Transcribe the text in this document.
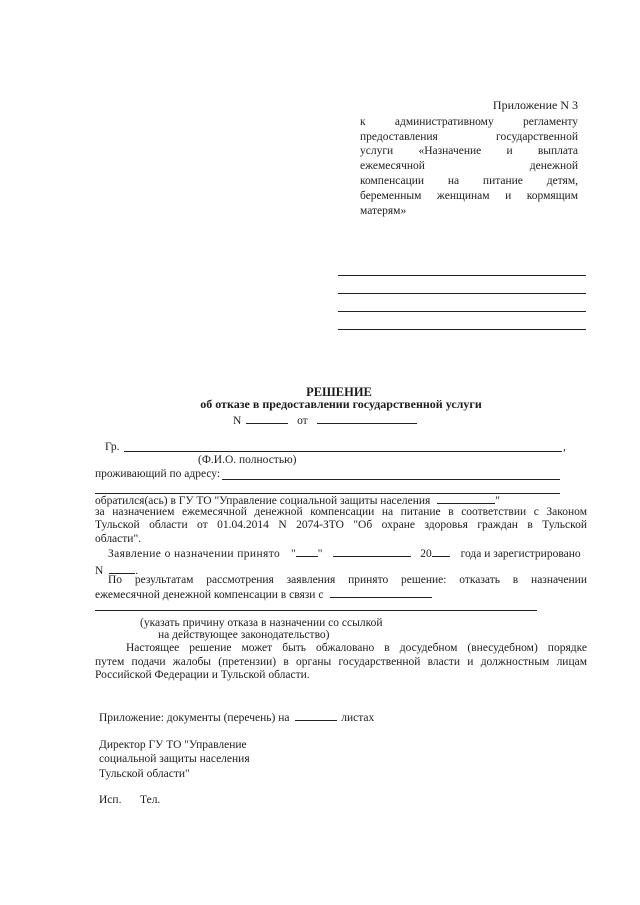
Приложение N 3
к административному регламенту
предоставления государственной
услуги «Назначение и выплата
ежемесячной денежной
компенсации на питание детям,
беременным женщинам и кормящим
матерям»
РЕШЕНИЕ
об отказе в предоставлении государственной услуги
N	от
Гр.	,
(Ф.И.О. полностью)
проживающий по адресу:
обратился(ась) в ГУ ТО "Управление социальной защиты населения	"
за назначением ежемесячной денежной компенсации на питание в соответствии с Законом
Тульской области от 01.04.2014 N 2074-ЗТО "Об охране здоровья граждан в Тульской
области".
Заявление о назначении принято " "	20	года и зарегистрировано
N	.
По результатам рассмотрения заявления принято решение: отказать в назначении
ежемесячной денежной компенсации в связи с
(указать причину отказа в назначении со ссылкой
на действующее законодательство)
Настоящее решение может быть обжаловано в досудебном (внесудебном) порядке
путем подачи жалобы (претензии) в органы государственной власти и должностным лицам
Российской Федерации и Тульской области.
Приложение: документы (перечень) на	листах
Директор ГУ ТО "Управление
социальной защиты населения
Тульской области"
Исп. Тел.
